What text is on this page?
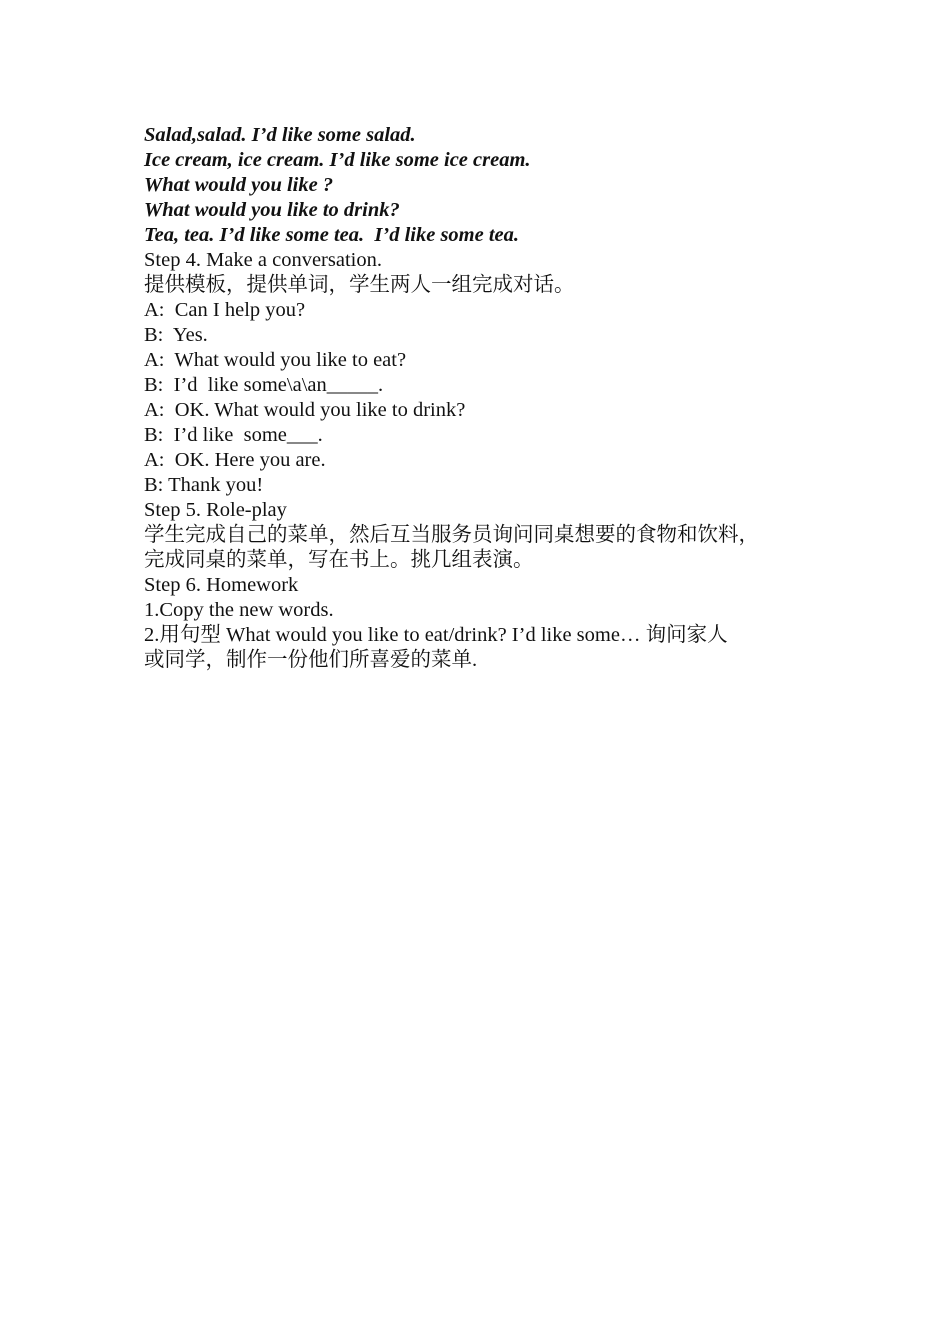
Salad,salad. I’d like some salad.
Ice cream, ice cream. I’d like some ice cream.
What would you like ?
What would you like to drink?
Tea, tea. I’d like some tea.  I’d like some tea.
Step 4. Make a conversation.
提供模板，提供单词，学生两人一组完成对话。
A:  Can I help you?
B:  Yes.
A:  What would you like to eat?
B:  I’d  like some\a\an_____.
A:  OK. What would you like to drink?
B:  I’d like  some___.
A:  OK. Here you are.
B: Thank you!
Step 5. Role-play
学生完成自己的菜单，然后互当服务员询问同桌想要的食物和饮料，
完成同桌的菜单，写在书上。挑几组表演。
Step 6. Homework
1.Copy the new words.
2.用句型 What would you like to eat/drink? I’d like some… 询问家人
或同学，制作一份他们所喜爱的菜单.
